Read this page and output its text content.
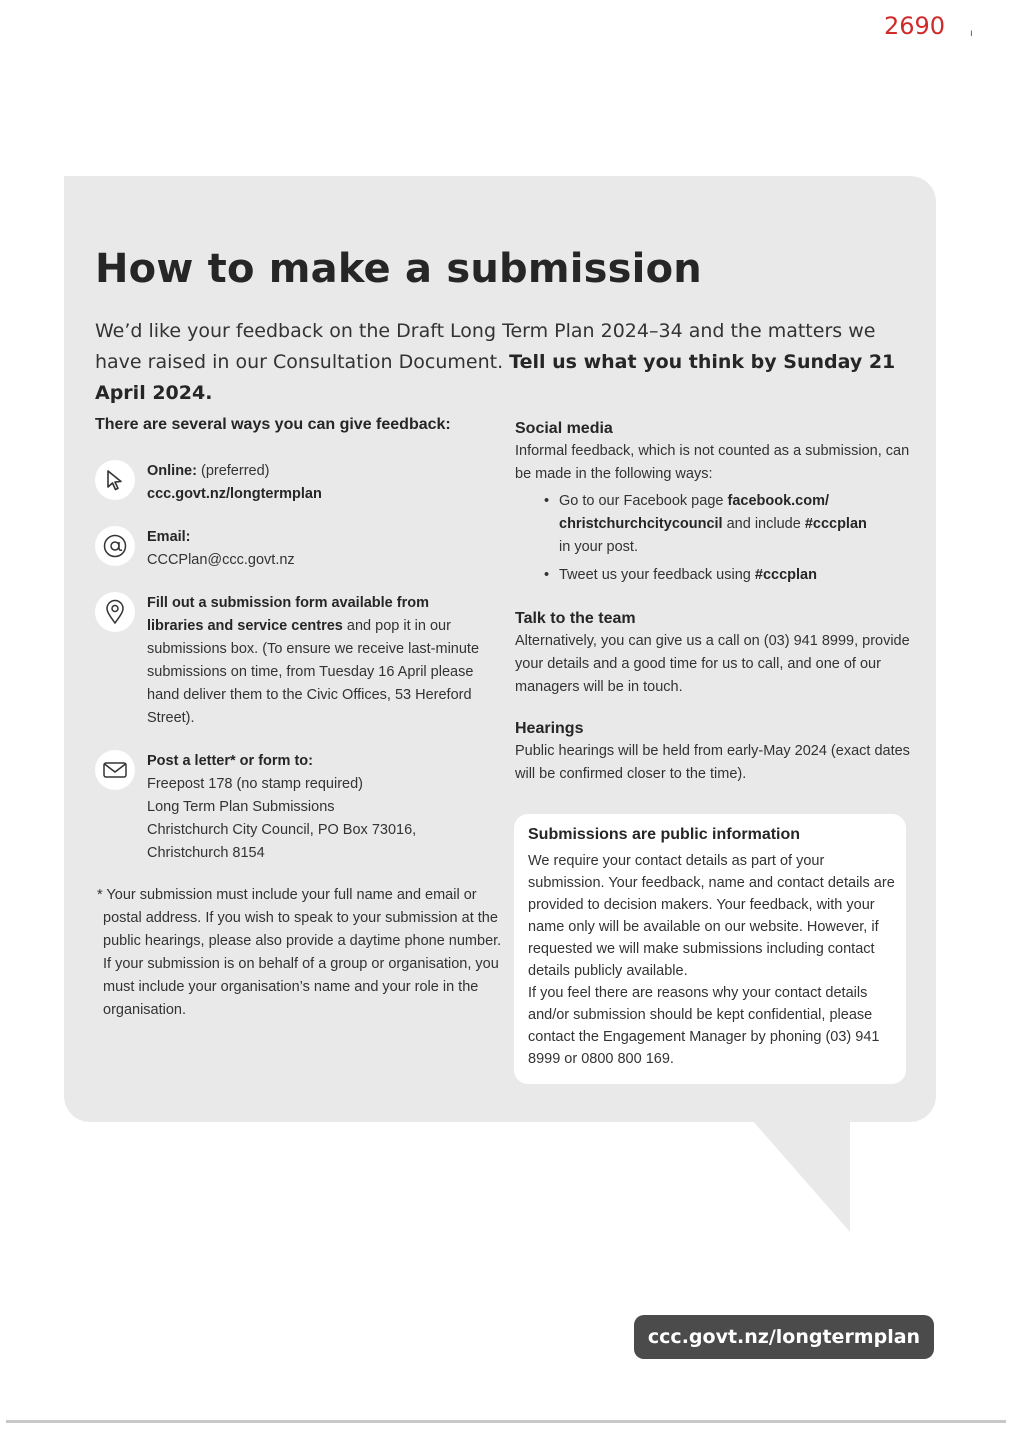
2690 ı
How to make a submission

We’d like your feedback on the Draft Long Term Plan 2024–34 and the matters we have raised in our Consultation Document. Tell us what you think by Sunday 21 April 2024.

There are several ways you can give feedback:
Online: (preferred)
ccc.govt.nz/longtermplan
Email:
CCCPlan@ccc.govt.nz
Fill out a submission form available from libraries and service centres and pop it in our submissions box. (To ensure we receive last-minute submissions on time, from Tuesday 16 April please hand deliver them to the Civic Offices, 53 Hereford Street).
Post a letter* or form to:
Freepost 178 (no stamp required)
Long Term Plan Submissions
Christchurch City Council, PO Box 73016,
Christchurch 8154
* Your submission must include your full name and email or postal address. If you wish to speak to your submission at the public hearings, please also provide a daytime phone number. If your submission is on behalf of a group or organisation, you must include your organisation’s name and your role in the organisation.
Social media
Informal feedback, which is not counted as a submission, can be made in the following ways:
• Go to our Facebook page facebook.com/ christchurchcitycouncil and include #cccplan
in your post.
• Tweet us your feedback using #cccplan
Talk to the team
Alternatively, you can give us a call on (03) 941 8999, provide your details and a good time for us to call, and one of our managers will be in touch.
Hearings
Public hearings will be held from early-May 2024 (exact dates will be confirmed closer to the time).
Submissions are public information
We require your contact details as part of your submission. Your feedback, name and contact details are provided to decision makers. Your feedback, with your name only will be available on our website. However, if requested we will make submissions including contact details publicly available.
If you feel there are reasons why your contact details and/or submission should be kept confidential, please contact the Engagement Manager by phoning (03) 941 8999 or 0800 800 169.
ccc.govt.nz/longtermplan
